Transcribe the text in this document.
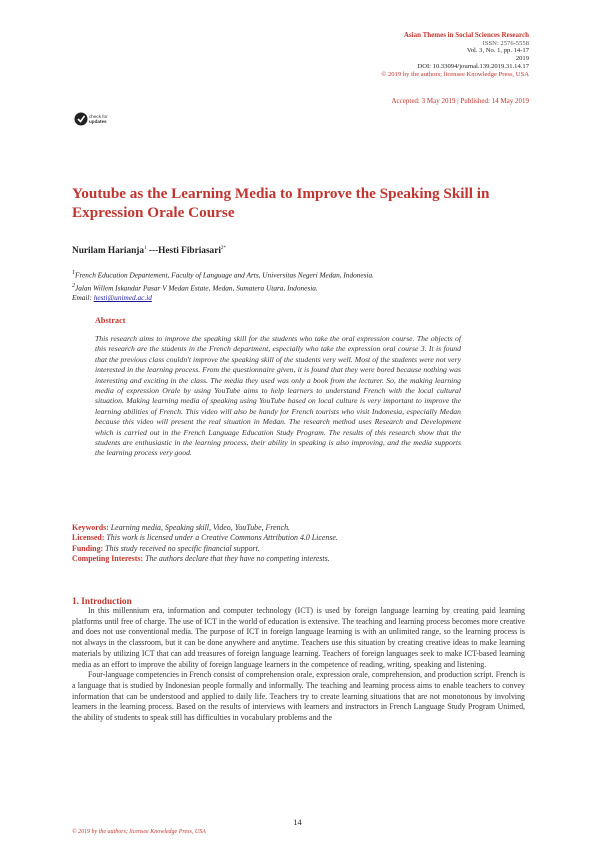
Asian Themes in Social Sciences Research
ISSN: 2576-5558
Vol. 3, No. 1, pp. 14-17
2019
DOI: 10.33094/journal.139.2019.31.14.17
© 2019 by the authors; licensee Knowledge Press, USA
Accepted: 3 May 2019 | Published: 14 May 2019
check for
updates
Youtube as the Learning Media to Improve the Speaking Skill in Expression Orale Course
Nurilam Harianja$^1$ ---Hesti Fibriasari$^{2*}$
$^1$French Education Departement, Faculty of Language and Arts, Universitas Negeri Medan, Indonesia.
$^2$Jalan Willem Iskandar Pasar V Medan Estate, Medan, Sumatera Utara, Indonesia.
Email: hesti@unimed.ac.id
Abstract
This research aims to improve the speaking skill for the students who take the oral expression course. The objects of this research are the students in the French department, especially who take the expression oral course 3. It is found that the previous class couldn't improve the speaking skill of the students very well. Most of the students were not very interested in the learning process. From the questionnaire given, it is found that they were bored because nothing was interesting and exciting in the class. The media they used was only a book from the lecturer. So, the making learning media of expression Orale by using YouTube aims to help learners to understand French with the local cultural situation. Making learning media of speaking using YouTube based on local culture is very important to improve the learning abilities of French. This video will also be handy for French tourists who visit Indonesia, especially Medan because this video will present the real situation in Medan. The research method uses Research and Development which is carried out in the French Language Education Study Program. The results of this research show that the students are enthusiastic in the learning process, their ability in speaking is also improving, and the media supports the learning process very good.
Keywords: Learning media, Speaking skill, Video, YouTube, French.
Licensed: This work is licensed under a Creative Commons Attribution 4.0 License.
Funding: This study received no specific financial support.
Competing Interests: The authors declare that they have no competing interests.
1. Introduction

In this millennium era, information and computer technology (ICT) is used by foreign language learning by creating paid learning platforms until free of charge. The use of ICT in the world of education is extensive. The teaching and learning process becomes more creative and does not use conventional media. The purpose of ICT in foreign language learning is with an unlimited range, so the learning process is not always in the classroom, but it can be done anywhere and anytime. Teachers use this situation by creating creative ideas to make learning materials by utilizing ICT that can add treasures of foreign language learning. Teachers of foreign languages seek to make ICT-based learning media as an effort to improve the ability of foreign language learners in the competence of reading, writing, speaking and listening.

Four-language competencies in French consist of comprehension orale, expression orale, comprehension, and production script. French is a language that is studied by Indonesian people formally and informally. The teaching and learning process aims to enable teachers to convey information that can be understood and applied to daily life. Teachers try to create learning situations that are not monotonous by involving learners in the learning process. Based on the results of interviews with learners and instructors in French Language Study Program Unimed, the ability of students to speak still has difficulties in vocabulary problems and the

14
© 2019 by the authors; licensee Knowledge Press, USA
